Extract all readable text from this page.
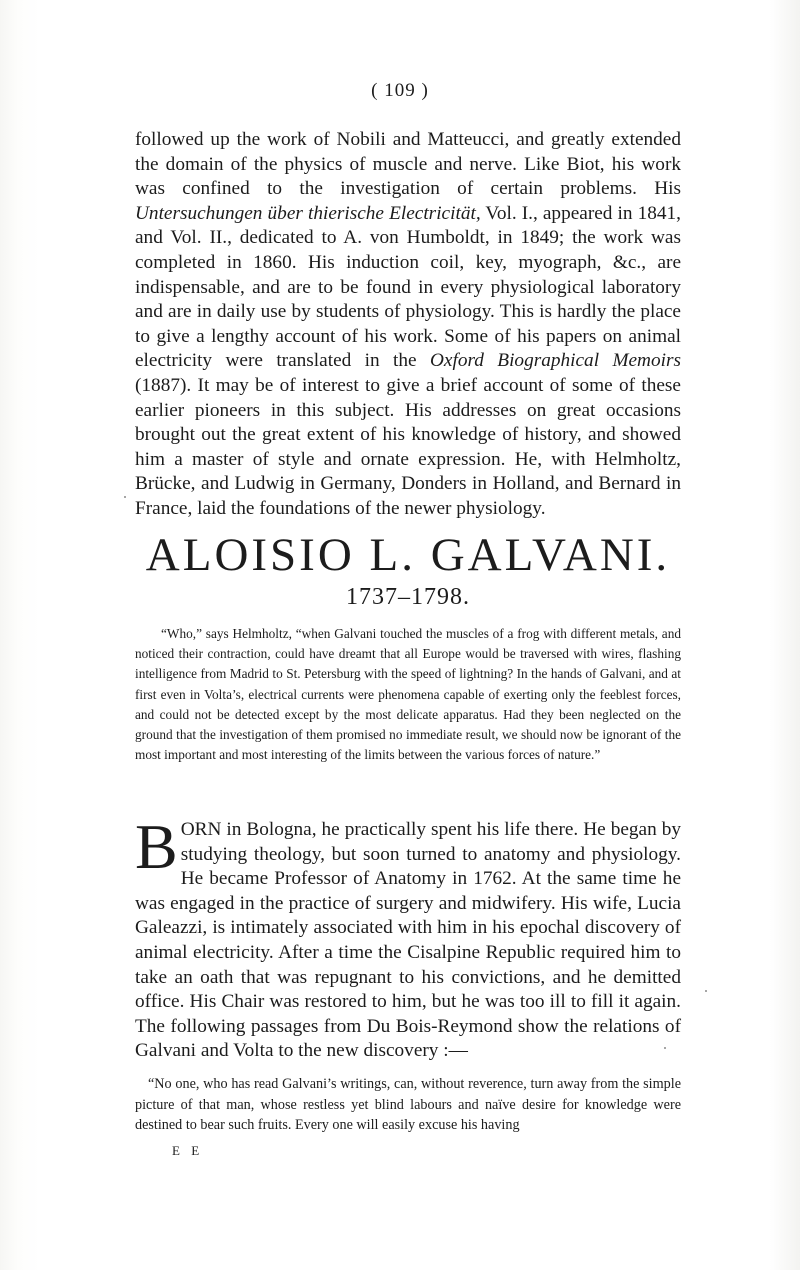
( 109 )

followed up the work of Nobili and Matteucci, and greatly extended the domain of the physics of muscle and nerve. Like Biot, his work was confined to the investigation of certain problems. His Untersuchungen über thierische Electricität, Vol. I., appeared in 1841, and Vol. II., dedicated to A. von Humboldt, in 1849; the work was completed in 1860. His induction coil, key, myograph, &c., are indispensable, and are to be found in every physiological laboratory and are in daily use by students of physiology. This is hardly the place to give a lengthy account of his work. Some of his papers on animal electricity were translated in the Oxford Biographical Memoirs (1887). It may be of interest to give a brief account of some of these earlier pioneers in this subject. His addresses on great occasions brought out the great extent of his knowledge of history, and showed him a master of style and ornate expression. He, with Helmholtz, Brücke, and Ludwig in Germany, Donders in Holland, and Bernard in France, laid the foundations of the newer physiology.

ALOISIO L. GALVANI.
1737–1798.

“Who,” says Helmholtz, “when Galvani touched the muscles of a frog with different metals, and noticed their contraction, could have dreamt that all Europe would be traversed with wires, flashing intelligence from Madrid to St. Petersburg with the speed of lightning? In the hands of Galvani, and at first even in Volta’s, electrical currents were phenomena capable of exerting only the feeblest forces, and could not be detected except by the most delicate apparatus. Had they been neglected on the ground that the investigation of them promised no immediate result, we should now be ignorant of the most important and most interesting of the limits between the various forces of nature.”

BORN in Bologna, he practically spent his life there. He began by studying theology, but soon turned to anatomy and physiology. He became Professor of Anatomy in 1762. At the same time he was engaged in the practice of surgery and midwifery. His wife, Lucia Galeazzi, is intimately associated with him in his epochal discovery of animal electricity. After a time the Cisalpine Republic required him to take an oath that was repugnant to his convictions, and he demitted office. His Chair was restored to him, but he was too ill to fill it again. The following passages from Du Bois-Reymond show the relations of Galvani and Volta to the new discovery :—

“No one, who has read Galvani’s writings, can, without reverence, turn away from the simple picture of that man, whose restless yet blind labours and naïve desire for knowledge were destined to bear such fruits. Every one will easily excuse his having

E E
